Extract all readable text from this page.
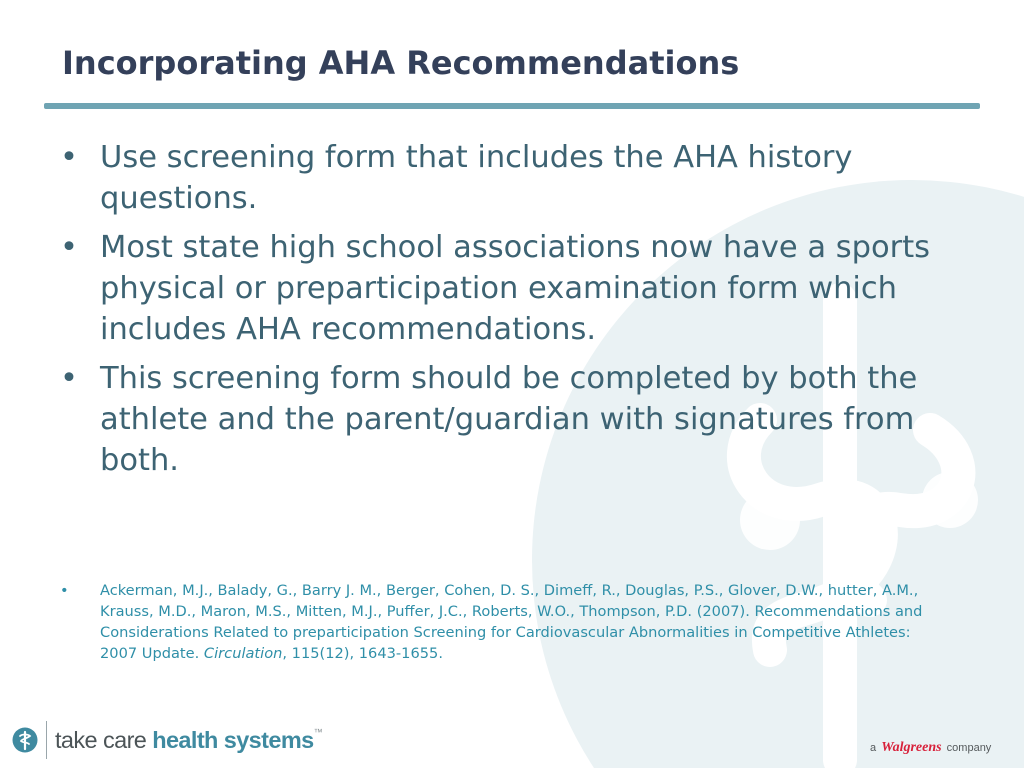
Incorporating AHA Recommendations
• Use screening form that includes the AHA history questions.
• Most state high school associations now have a sports physical or preparticipation examination form which includes AHA recommendations.
• This screening form should be completed by both the athlete and the parent/guardian with signatures from both.
• Ackerman, M.J., Balady, G., Barry J. M., Berger, Cohen, D. S., Dimeff, R., Douglas, P.S., Glover, D.W., hutter, A.M., Krauss, M.D., Maron, M.S., Mitten, M.J., Puffer, J.C., Roberts, W.O., Thompson, P.D. (2007). Recommendations and Considerations Related to preparticipation Screening for Cardiovascular Abnormalities in Competitive Athletes: 2007 Update. Circulation, 115(12), 1643-1655.
take care health systems™
a Walgreens company
